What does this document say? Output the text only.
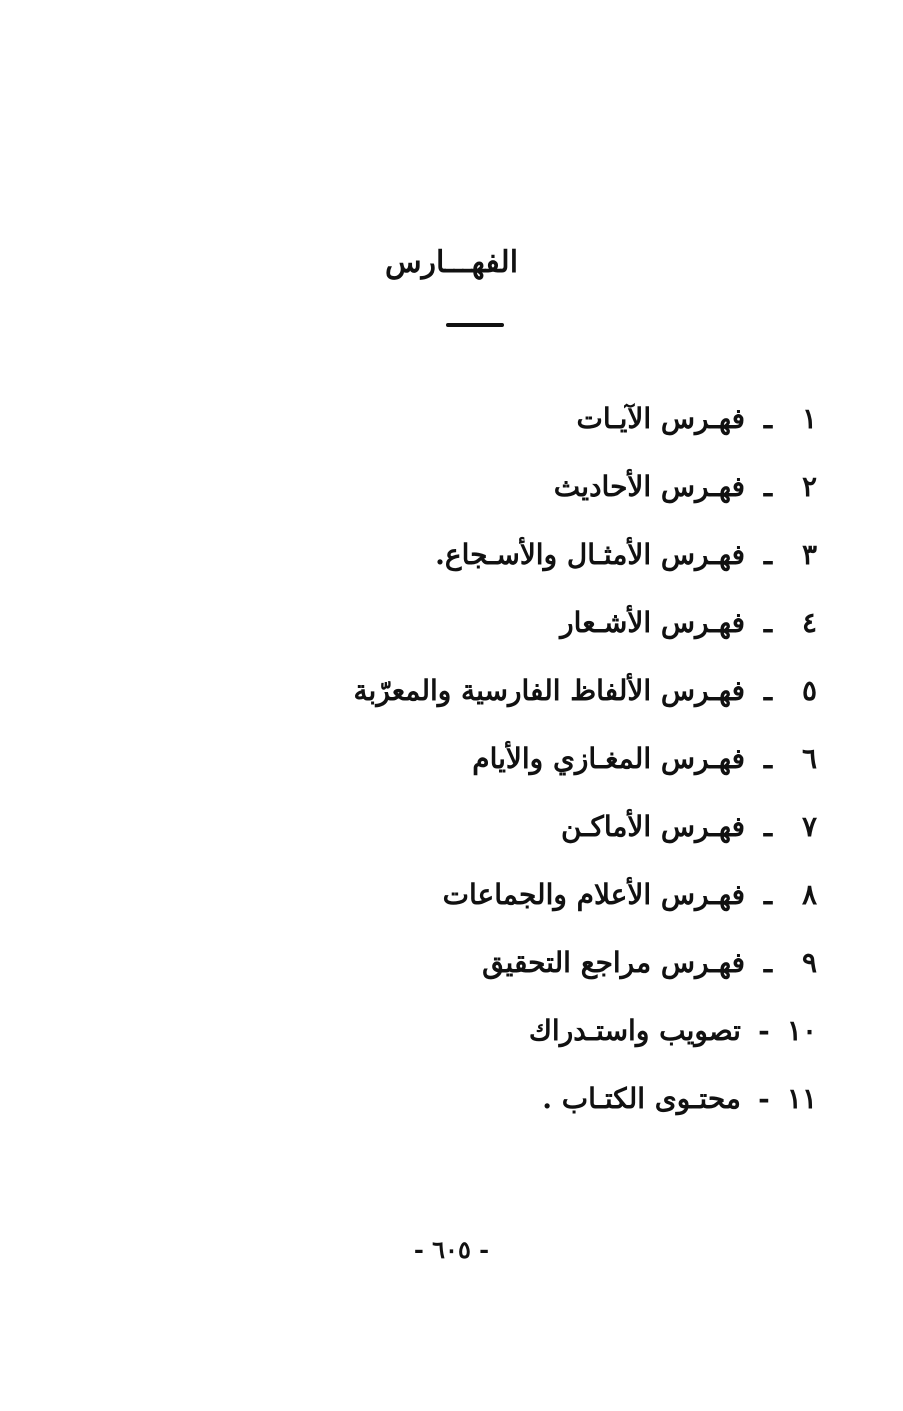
الفهـــارس
١
ـ
فهـرس الآيـات
٢
ـ
فهـرس الأحاديث
٣
ـ
فهـرس الأمثـال والأسـجاع.
٤
ـ
فهـرس الأشـعار
٥
ـ
فهـرس الألفاظ الفارسية والمعرّبة
٦
ـ
فهـرس المغـازي والأيام
٧
ـ
فهـرس الأماكـن
٨
ـ
فهـرس الأعلام والجماعات
٩
ـ
فهـرس مراجع التحقيق
١٠
-
تصويب واستـدراك
١١
-
محتـوى الكتـاب .
- ٦٠٥ -
